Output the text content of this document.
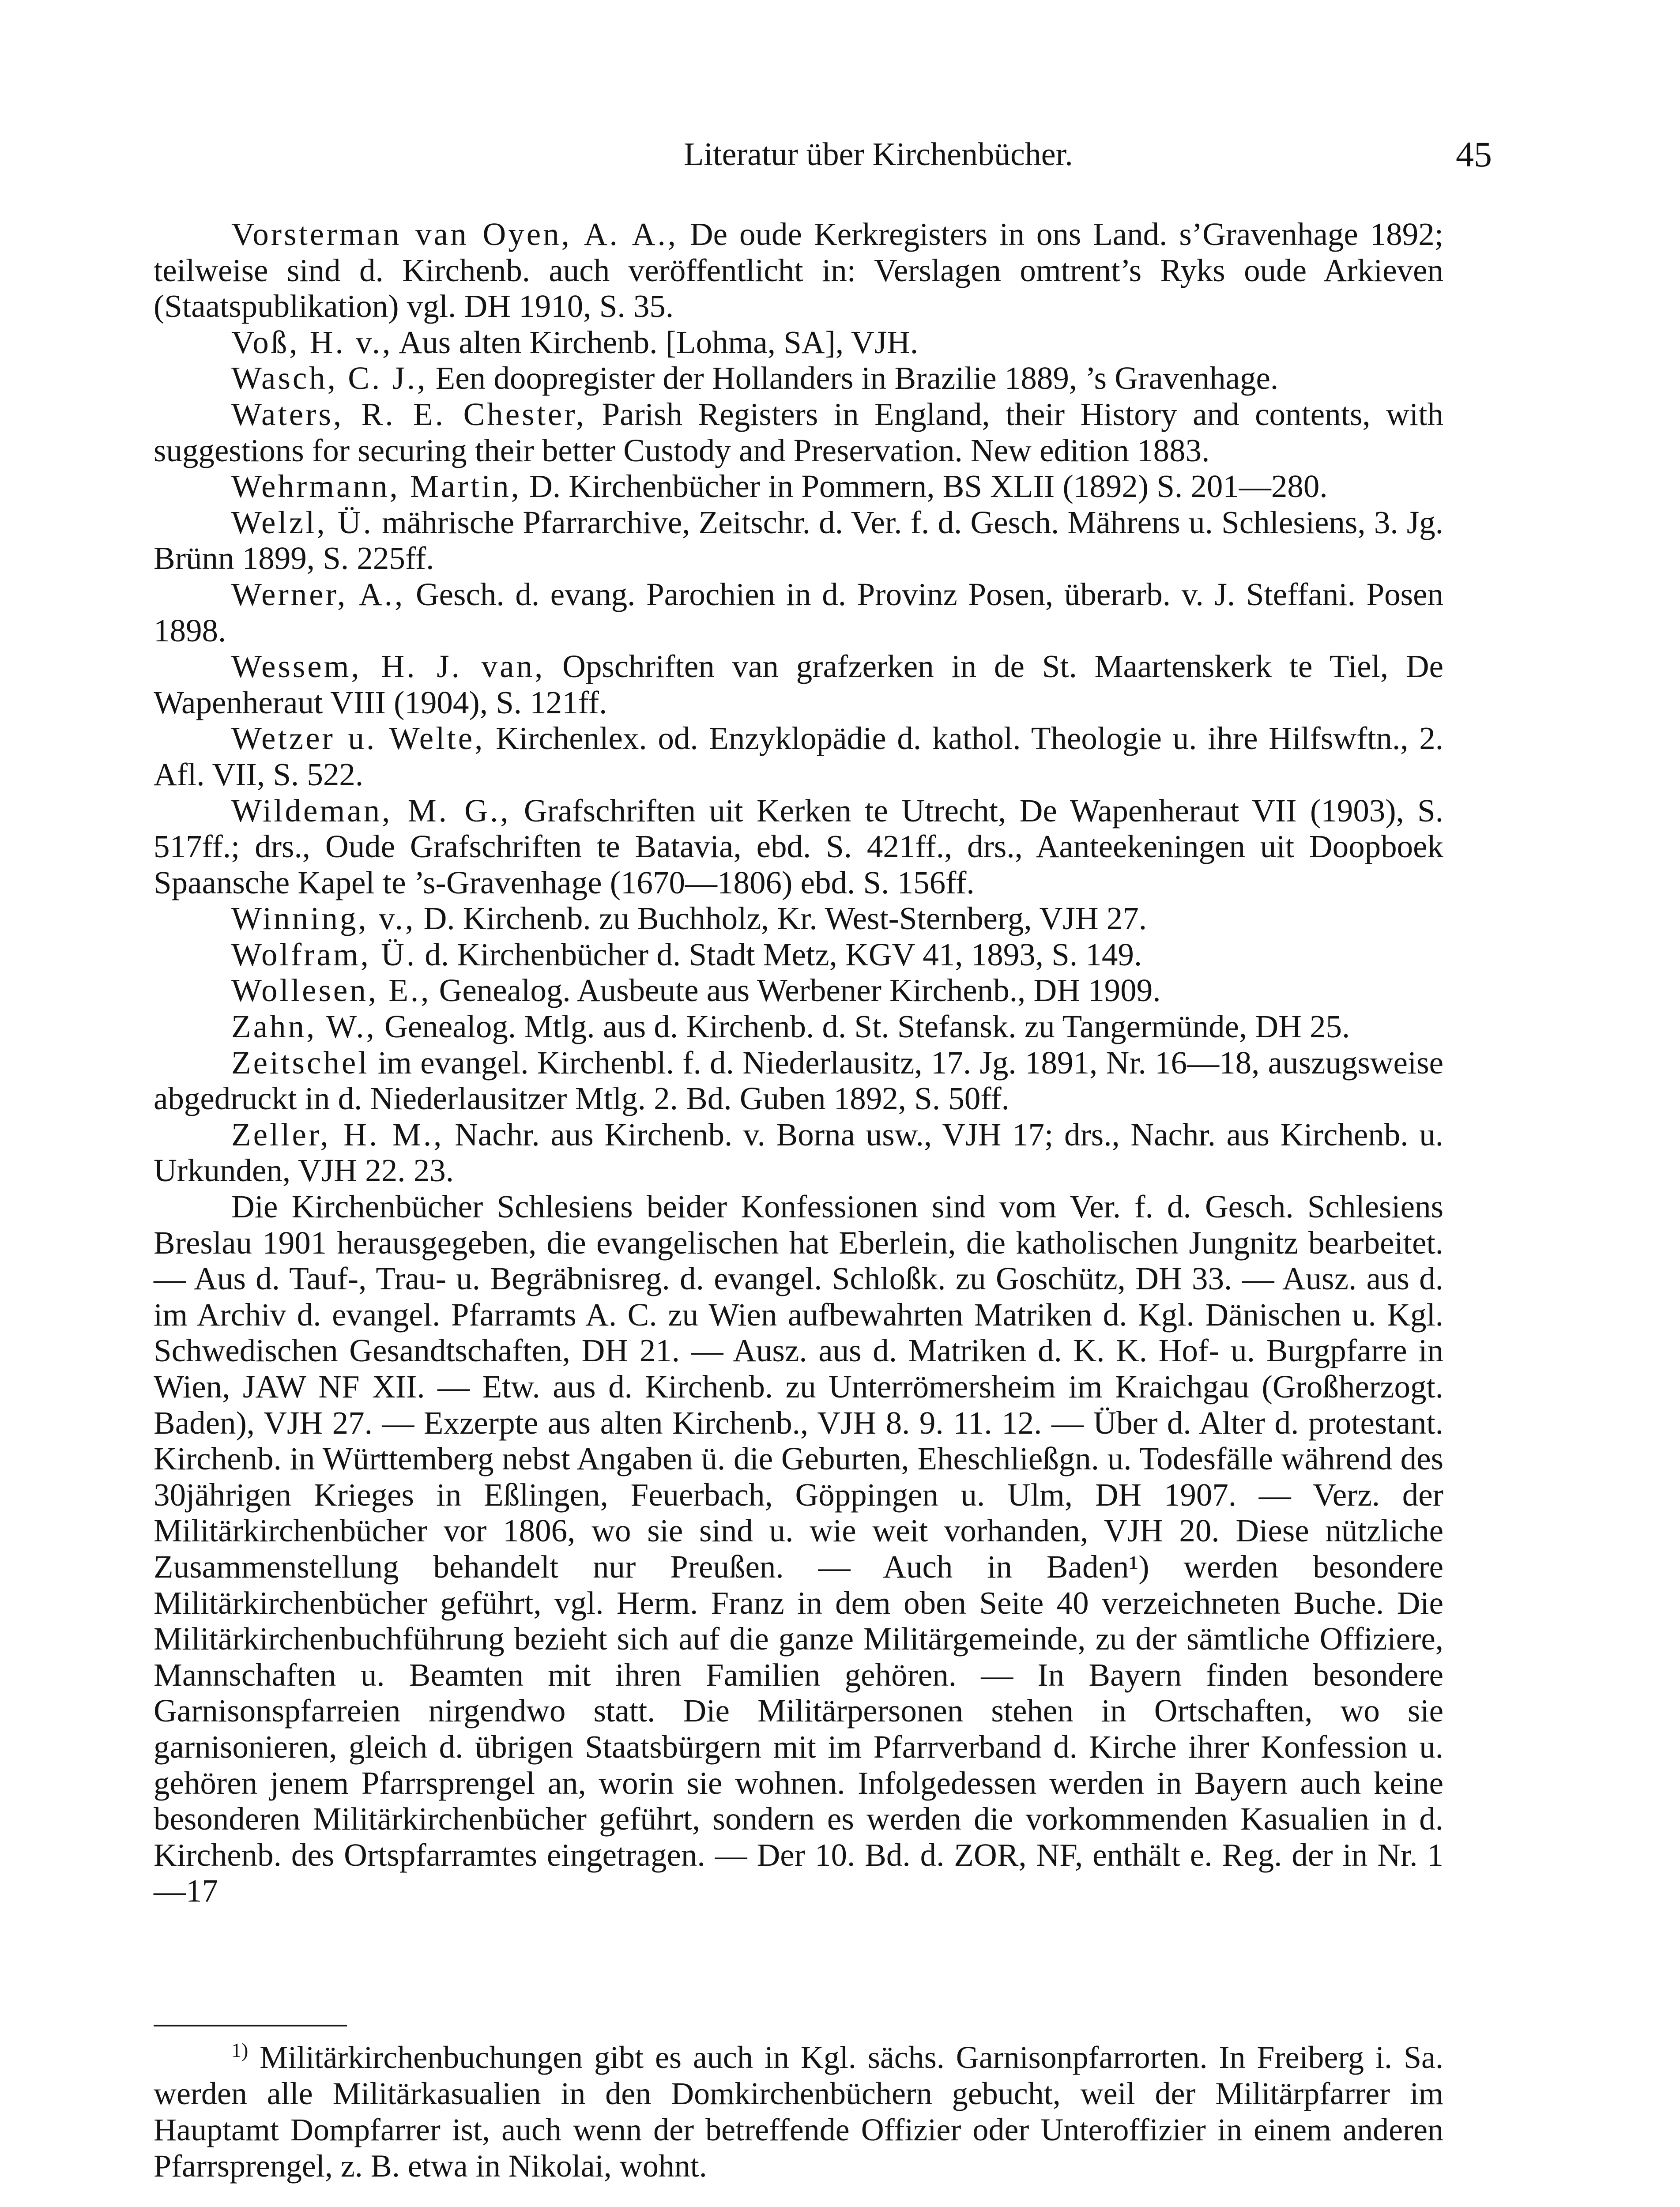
Literatur über Kirchenbücher.	45

Vorsterman van Oyen, A. A., De oude Kerkregisters in ons Land. s’Gravenhage 1892; teilweise sind d. Kirchenb. auch veröffentlicht in: Verslagen omtrent’s Ryks oude Arkieven (Staatspublikation) vgl. DH 1910, S. 35.

Voß, H. v., Aus alten Kirchenb. [Lohma, SA], VJH.

Wasch, C. J., Een doopregister der Hollanders in Brazilie 1889, ’s Gravenhage.

Waters, R. E. Chester, Parish Registers in England, their History and contents, with suggestions for securing their better Custody and Preservation. New edition 1883.

Wehrmann, Martin, D. Kirchenbücher in Pommern, BS XLII (1892) S. 201—280.

Welzl, Ü. mährische Pfarrarchive, Zeitschr. d. Ver. f. d. Gesch. Mährens u. Schlesiens, 3. Jg. Brünn 1899, S. 225ff.

Werner, A., Gesch. d. evang. Parochien in d. Provinz Posen, überarb. v. J. Steffani. Posen 1898.

Wessem, H. J. van, Opschriften van grafzerken in de St. Maartenskerk te Tiel, De Wapenheraut VIII (1904), S. 121ff.

Wetzer u. Welte, Kirchenlex. od. Enzyklopädie d. kathol. Theologie u. ihre Hilfswftn., 2. Afl. VII, S. 522.

Wildeman, M. G., Grafschriften uit Kerken te Utrecht, De Wapenheraut VII (1903), S. 517ff.; drs., Oude Grafschriften te Batavia, ebd. S. 421ff., drs., Aanteekeningen uit Doopboek Spaansche Kapel te ’s-Gravenhage (1670—1806) ebd. S. 156ff.

Winning, v., D. Kirchenb. zu Buchholz, Kr. West-Sternberg, VJH 27.

Wolfram, Ü. d. Kirchenbücher d. Stadt Metz, KGV 41, 1893, S. 149.

Wollesen, E., Genealog. Ausbeute aus Werbener Kirchenb., DH 1909.

Zahn, W., Genealog. Mtlg. aus d. Kirchenb. d. St. Stefansk. zu Tangermünde, DH 25.

Zeitschel im evangel. Kirchenbl. f. d. Niederlausitz, 17. Jg. 1891, Nr. 16—18, auszugsweise abgedruckt in d. Niederlausitzer Mtlg. 2. Bd. Guben 1892, S. 50ff.

Zeller, H. M., Nachr. aus Kirchenb. v. Borna usw., VJH 17; drs., Nachr. aus Kirchenb. u. Urkunden, VJH 22. 23.

Die Kirchenbücher Schlesiens beider Konfessionen sind vom Ver. f. d. Gesch. Schlesiens Breslau 1901 herausgegeben, die evangelischen hat Eberlein, die katholischen Jungnitz bearbeitet. — Aus d. Tauf-, Trau- u. Begräbnisreg. d. evangel. Schloßk. zu Goschütz, DH 33. — Ausz. aus d. im Archiv d. evangel. Pfarramts A. C. zu Wien aufbewahrten Matriken d. Kgl. Dänischen u. Kgl. Schwedischen Gesandtschaften, DH 21. — Ausz. aus d. Matriken d. K. K. Hof- u. Burgpfarre in Wien, JAW NF XII. — Etw. aus d. Kirchenb. zu Unterrömersheim im Kraichgau (Großherzogt. Baden), VJH 27. — Exzerpte aus alten Kirchenb., VJH 8. 9. 11. 12. — Über d. Alter d. protestant. Kirchenb. in Württemberg nebst Angaben ü. die Geburten, Eheschließgn. u. Todesfälle während des 30jährigen Krieges in Eßlingen, Feuerbach, Göppingen u. Ulm, DH 1907. — Verz. der Militärkirchenbücher vor 1806, wo sie sind u. wie weit vorhanden, VJH 20. Diese nützliche Zusammenstellung behandelt nur Preußen. — Auch in Baden¹) werden besondere Militärkirchenbücher geführt, vgl. Herm. Franz in dem oben Seite 40 verzeichneten Buche. Die Militärkirchenbuchführung bezieht sich auf die ganze Militärgemeinde, zu der sämtliche Offiziere, Mannschaften u. Beamten mit ihren Familien gehören. — In Bayern finden besondere Garnisonspfarreien nirgendwo statt. Die Militärpersonen stehen in Ortschaften, wo sie garnisonieren, gleich d. übrigen Staatsbürgern mit im Pfarrverband d. Kirche ihrer Konfession u. gehören jenem Pfarrsprengel an, worin sie wohnen. Infolgedessen werden in Bayern auch keine besonderen Militärkirchenbücher geführt, sondern es werden die vorkommenden Kasualien in d. Kirchenb. des Ortspfarramtes eingetragen. — Der 10. Bd. d. ZOR, NF, enthält e. Reg. der in Nr. 1—17

$^{1)}$ Militärkirchenbuchungen gibt es auch in Kgl. sächs. Garnisonpfarrorten. In Freiberg i. Sa. werden alle Militärkasualien in den Domkirchenbüchern gebucht, weil der Militärpfarrer im Hauptamt Dompfarrer ist, auch wenn der betreffende Offizier oder Unteroffizier in einem anderen Pfarrsprengel, z. B. etwa in Nikolai, wohnt.
